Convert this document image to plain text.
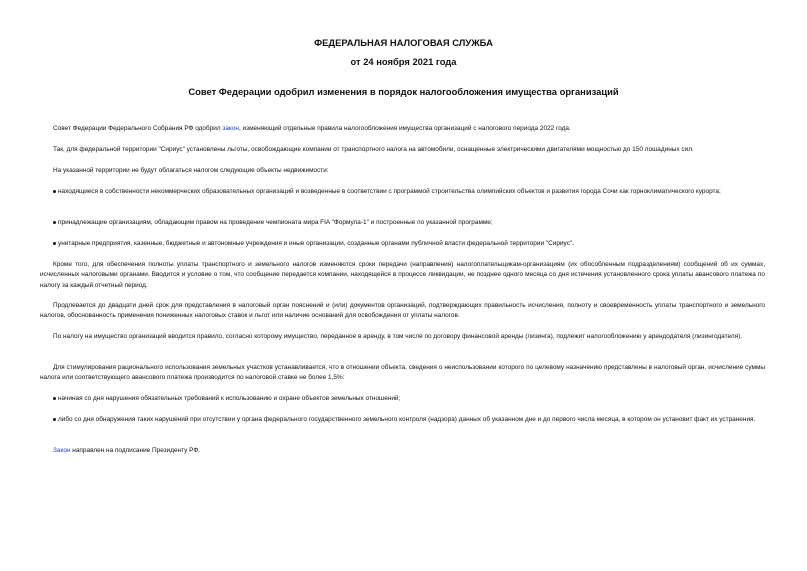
ФЕДЕРАЛЬНАЯ НАЛОГОВАЯ СЛУЖБА
от 24 ноября 2021 года
Совет Федерации одобрил изменения в порядок налогообложения имущества организаций

Совет Федерации Федерального Собрания РФ одобрил закон, изменяющий отдельные правила налогообложения имущества организаций с налогового периода 2022 года.

Так, для федеральной территории "Сириус" установлены льготы, освобождающие компании от транспортного налога на автомобили, оснащенные электрическими двигателями мощностью до 150 лошадиных сил.

На указанной территории не будут облагаться налогом следующие объекты недвижимости:

находящиеся в собственности некоммерческих образовательных организаций и возведенные в соответствии с программой строительства олимпийских объектов и развития города Сочи как горноклиматического курорта;

принадлежащие организациям, обладающим правом на проведение чемпионата мира FIA "Формула-1" и построенные по указанной программе;

унитарные предприятия, казенные, бюджетные и автономные учреждения и иные организации, созданные органами публичной власти федеральной территории "Сириус".

Кроме того, для обеспечения полноты уплаты транспортного и земельного налогов изменяются сроки передачи (направления) налогоплательщикам-организациям (их обособленным подразделениям) сообщений об их суммах, исчисленных налоговыми органами. Вводится и условие о том, что сообщение передается компании, находящейся в процессе ликвидации, не позднее одного месяца со дня истечения установленного срока уплаты авансового платежа по налогу за каждый отчетный период.

Продлевается до двадцати дней срок для представления в налоговый орган пояснений и (или) документов организаций, подтверждающих правильность исчисления, полноту и своевременность уплаты транспортного и земельного налогов, обоснованность применения пониженных налоговых ставок и льгот или наличие оснований для освобождения от уплаты налогов.

По налогу на имущество организаций вводится правило, согласно которому имущество, переданное в аренду, в том числе по договору финансовой аренды (лизинга), подлежит налогообложению у арендодателя (лизингодателя).

Для стимулирования рационального использования земельных участков устанавливается, что в отношении объекта, сведения о неиспользовании которого по целевому назначению представлены в налоговый орган, исчисление суммы налога или соответствующего авансового платежа производится по налоговой ставке не более 1,5%:

начиная со дня нарушения обязательных требований к использованию и охране объектов земельных отношений;

либо со дня обнаружения таких нарушений при отсутствии у органа федерального государственного земельного контроля (надзора) данных об указанном дне и до первого числа месяца, в котором он установит факт их устранения.

Закон направлен на подписание Президенту РФ.
